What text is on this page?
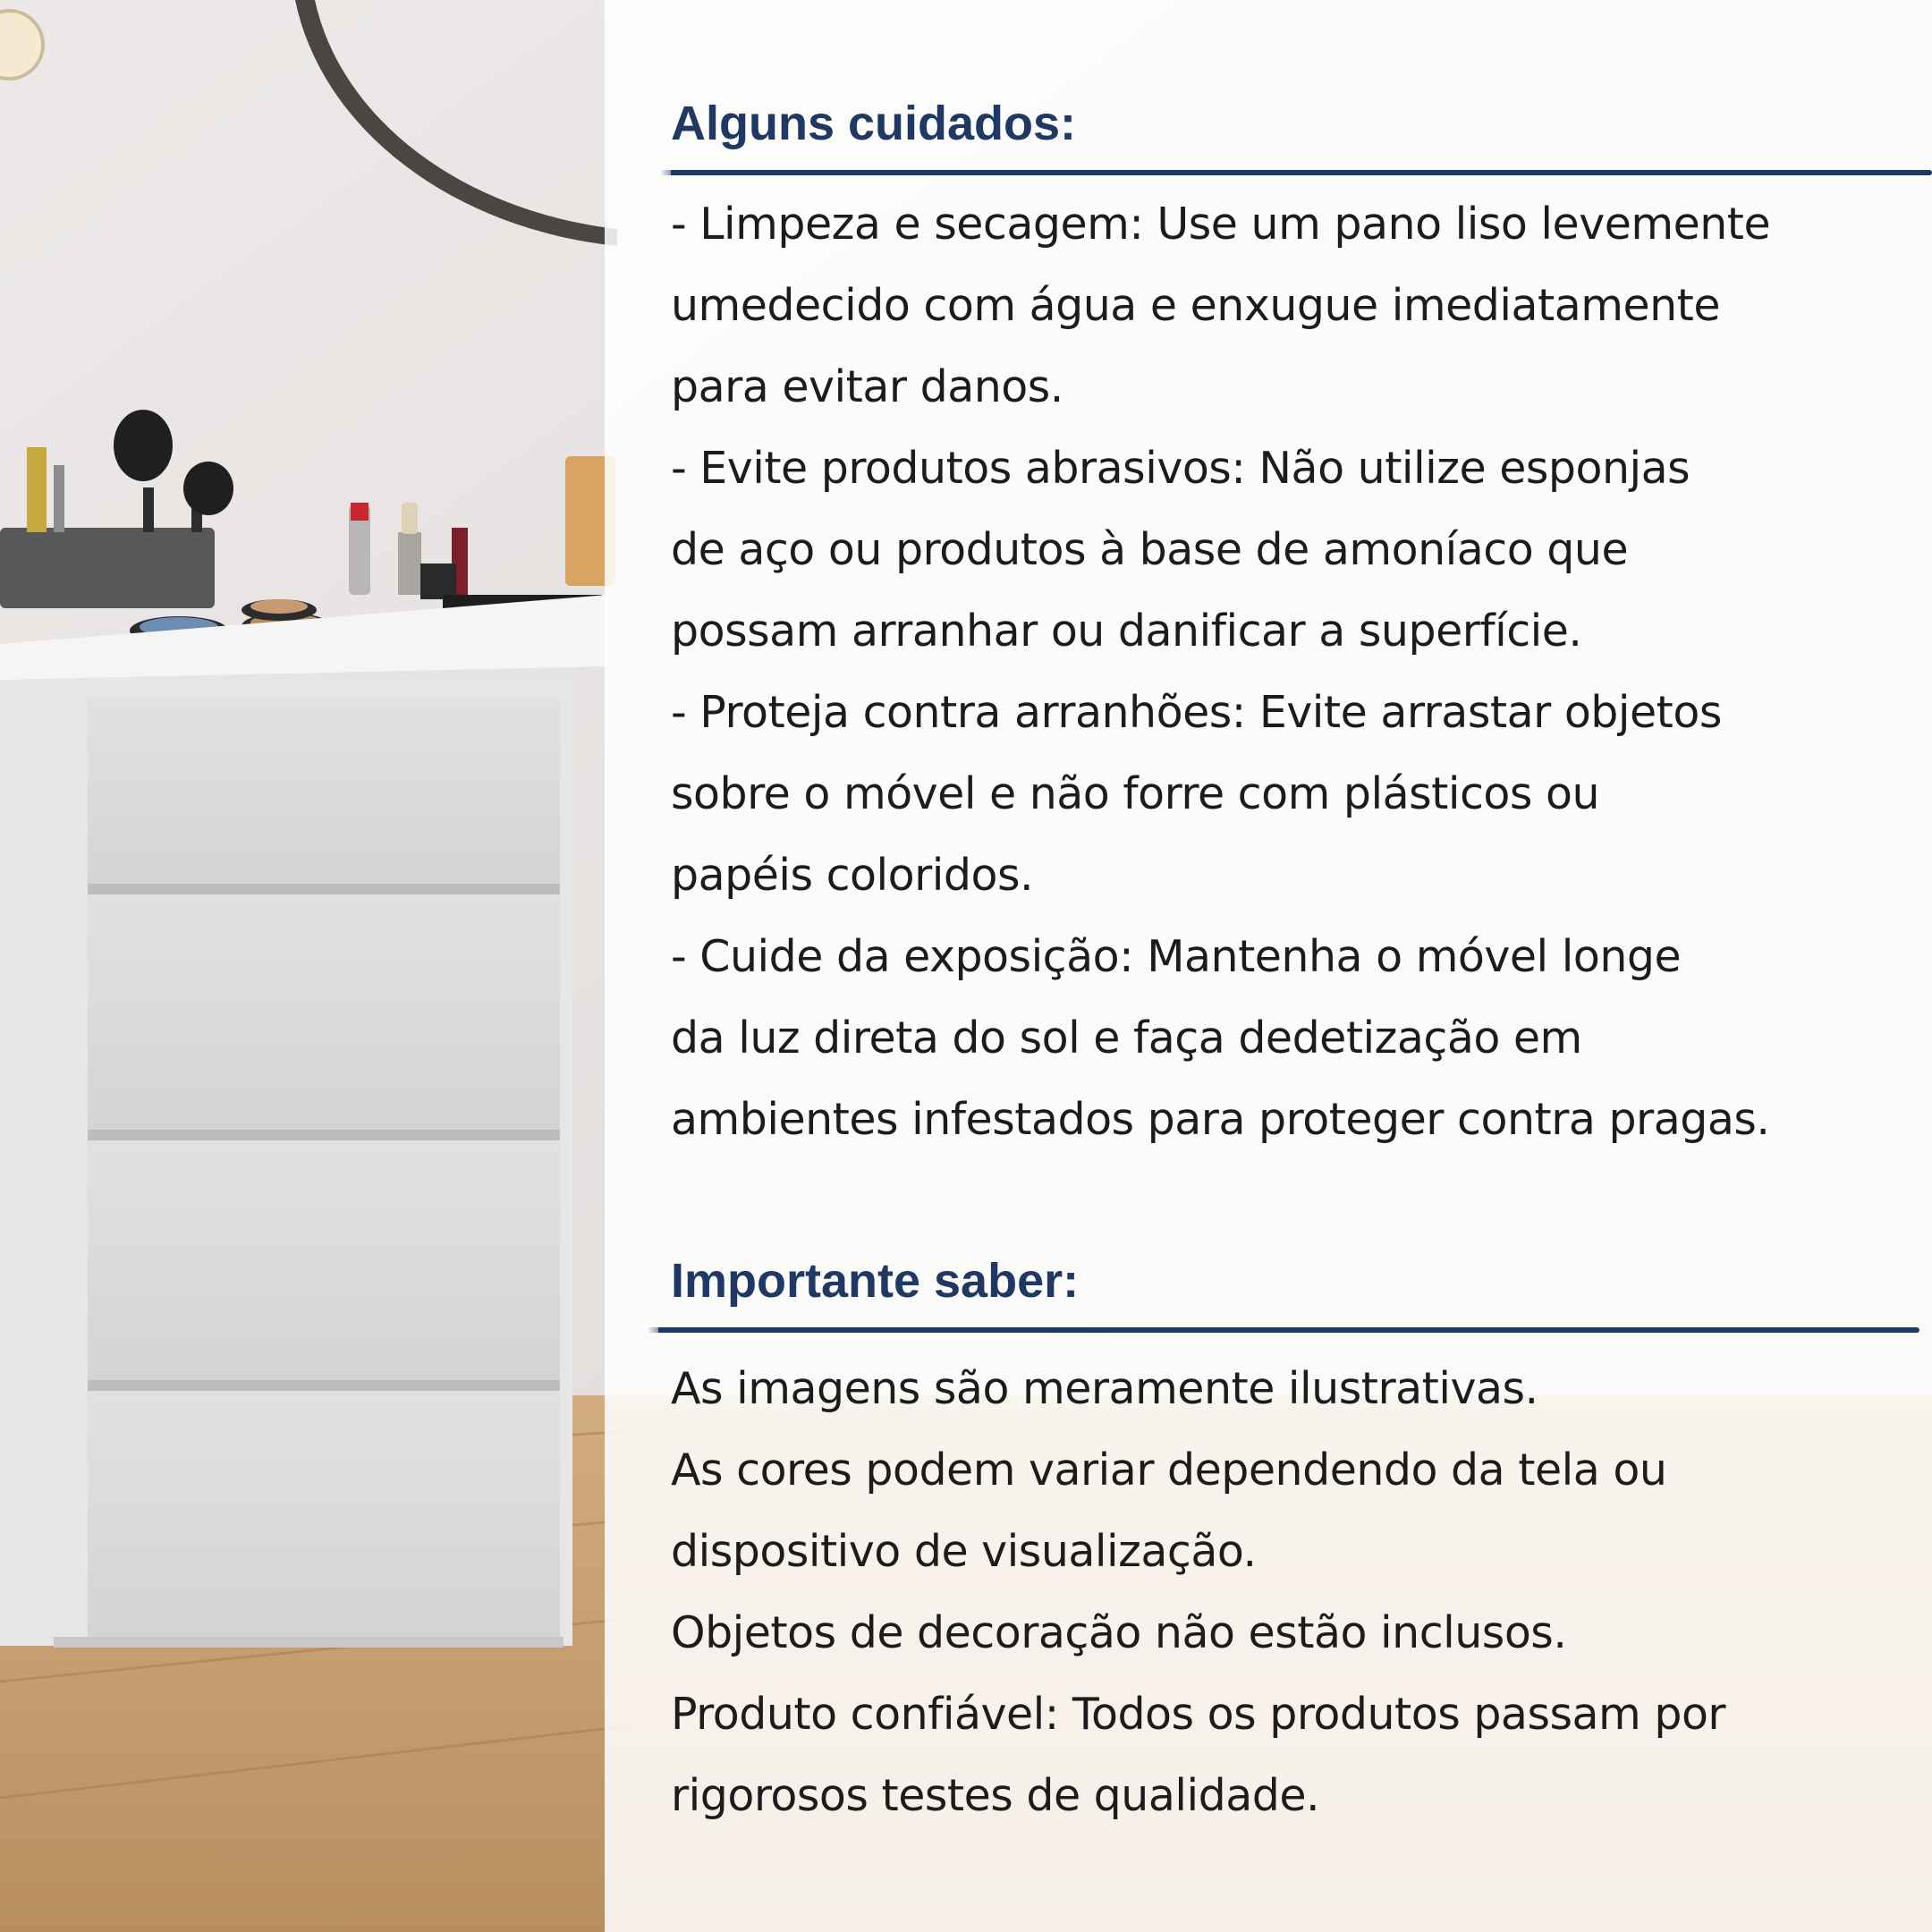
Alguns cuidados:
- Limpeza e secagem: Use um pano liso levemente
umedecido com água e enxugue imediatamente
para evitar danos.
- Evite produtos abrasivos: Não utilize esponjas
de aço ou produtos à base de amoníaco que
possam arranhar ou danificar a superfície.
- Proteja contra arranhões: Evite arrastar objetos
sobre o móvel e não forre com plásticos ou
papéis coloridos.
- Cuide da exposição: Mantenha o móvel longe
da luz direta do sol e faça dedetização em
ambientes infestados para proteger contra pragas.
Importante saber:
As imagens são meramente ilustrativas.
As cores podem variar dependendo da tela ou
dispositivo de visualização.
Objetos de decoração não estão inclusos.
Produto confiável: Todos os produtos passam por
rigorosos testes de qualidade.
